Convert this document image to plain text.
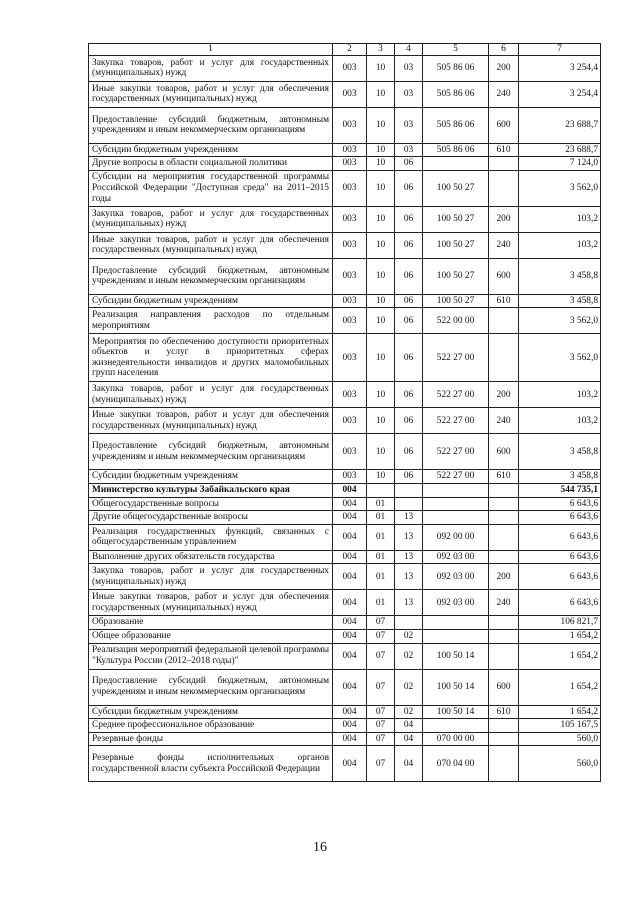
1	2	3	4	5	6	7
Закупка товаров, работ и услуг для государственных (муниципальных) нужд	003	10	03	505 86 06	200	3 254,4
Иные закупки товаров, работ и услуг для обеспечения государственных (муниципальных) нужд	003	10	03	505 86 06	240	3 254,4
Предоставление субсидий бюджетным, автономным учреждениям и иным некоммерческим организациям	003	10	03	505 86 06	600	23 688,7
Субсидии бюджетным учреждениям	003	10	03	505 86 06	610	23 688,7
Другие вопросы в области социальной политики	003	10	06			7 124,0
Субсидии на мероприятия государственной программы Российской Федерации "Доступная среда" на 2011–2015 годы	003	10	06	100 50 27		3 562,0
Закупка товаров, работ и услуг для государственных (муниципальных) нужд	003	10	06	100 50 27	200	103,2
Иные закупки товаров, работ и услуг для обеспечения государственных (муниципальных) нужд	003	10	06	100 50 27	240	103,2
Предоставление субсидий бюджетным, автономным учреждениям и иным некоммерческим организациям	003	10	06	100 50 27	600	3 458,8
Субсидии бюджетным учреждениям	003	10	06	100 50 27	610	3 458,8
Реализация направления расходов по отдельным мероприятиям	003	10	06	522 00 00		3 562,0
Мероприятия по обеспечению доступности приоритетных объектов и услуг в приоритетных сферах жизнедеятельности инвалидов и других маломобильных групп населения	003	10	06	522 27 00		3 562,0
Закупка товаров, работ и услуг для государственных (муниципальных) нужд	003	10	06	522 27 00	200	103,2
Иные закупки товаров, работ и услуг для обеспечения государственных (муниципальных) нужд	003	10	06	522 27 00	240	103,2
Предоставление субсидий бюджетным, автономным учреждениям и иным некоммерческим организациям	003	10	06	522 27 00	600	3 458,8
Субсидии бюджетным учреждениям	003	10	06	522 27 00	610	3 458,8
Министерство культуры Забайкальского края	004					544 735,1
Общегосударственные вопросы	004	01				6 643,6
Другие общегосударственные вопросы	004	01	13			6 643,6
Реализация государственных функций, связанных с общегосударственным управлением	004	01	13	092 00 00		6 643,6
Выполнение других обязательств государства	004	01	13	092 03 00		6 643,6
Закупка товаров, работ и услуг для государственных (муниципальных) нужд	004	01	13	092 03 00	200	6 643,6
Иные закупки товаров, работ и услуг для обеспечения государственных (муниципальных) нужд	004	01	13	092 03 00	240	6 643,6
Образование	004	07				106 821,7
Общее образование	004	07	02			1 654,2
Реализация мероприятий федеральной целевой программы "Культура России (2012–2018 годы)"	004	07	02	100 50 14		1 654,2
Предоставление субсидий бюджетным, автономным учреждениям и иным некоммерческим организациям	004	07	02	100 50 14	600	1 654,2
Субсидии бюджетным учреждениям	004	07	02	100 50 14	610	1 654,2
Среднее профессиональное образование	004	07	04			105 167,5
Резервные фонды	004	07	04	070 00 00		560,0
Резервные фонды исполнительных органов государственной власти субъекта Российской Федерации	004	07	04	070 04 00		560,0
16
